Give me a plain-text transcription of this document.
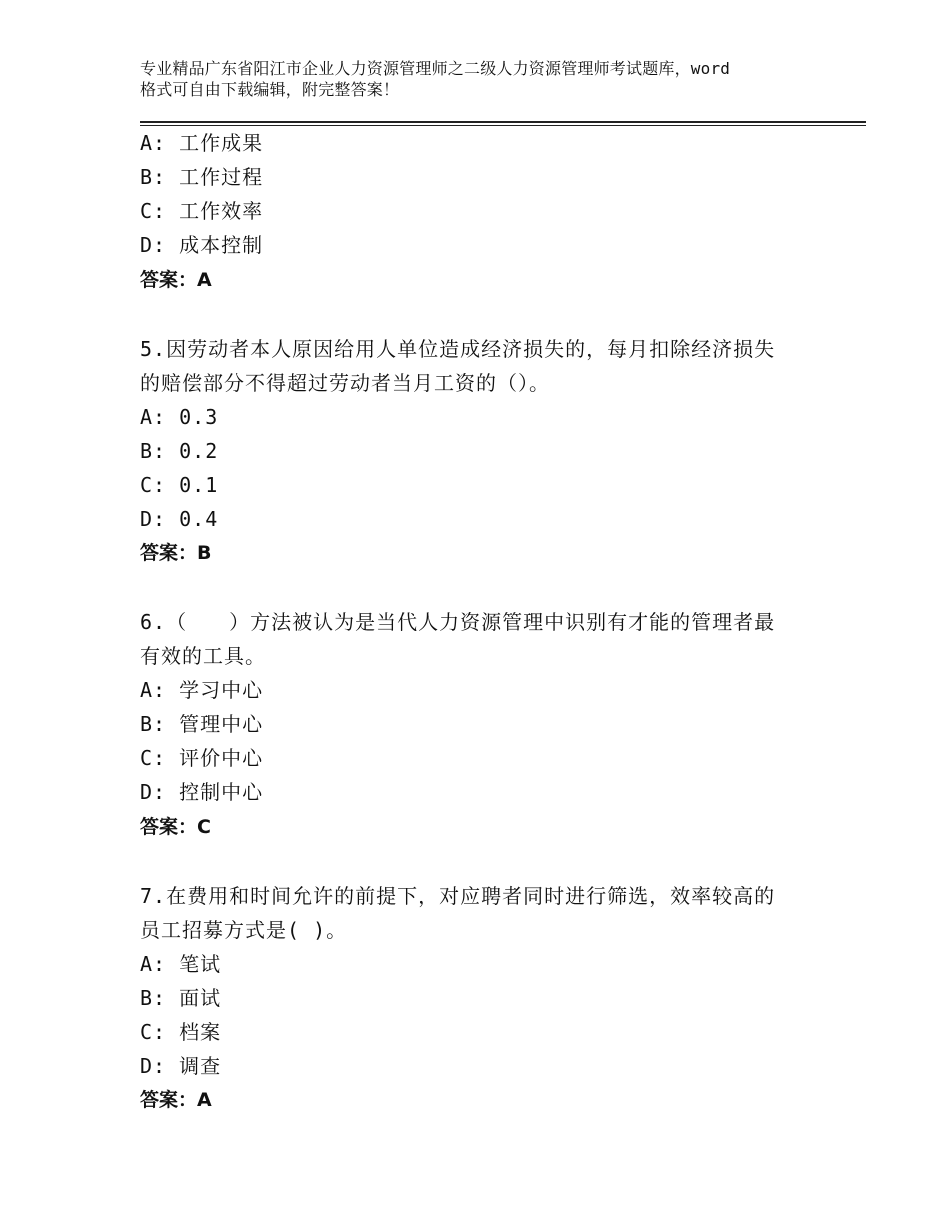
专业精品广东省阳江市企业人力资源管理师之二级人力资源管理师考试题库，word
格式可自由下载编辑，附完整答案！
A: 工作成果
B: 工作过程
C: 工作效率
D: 成本控制
答案：A
5.因劳动者本人原因给用人单位造成经济损失的，每月扣除经济损失
的赔偿部分不得超过劳动者当月工资的（）。
A: 0.3
B: 0.2
C: 0.1
D: 0.4
答案：B
6.（　　）方法被认为是当代人力资源管理中识别有才能的管理者最
有效的工具。
A: 学习中心
B: 管理中心
C: 评价中心
D: 控制中心
答案：C
7.在费用和时间允许的前提下，对应聘者同时进行筛选，效率较高的
员工招募方式是( )。
A: 笔试
B: 面试
C: 档案
D: 调查
答案：A
